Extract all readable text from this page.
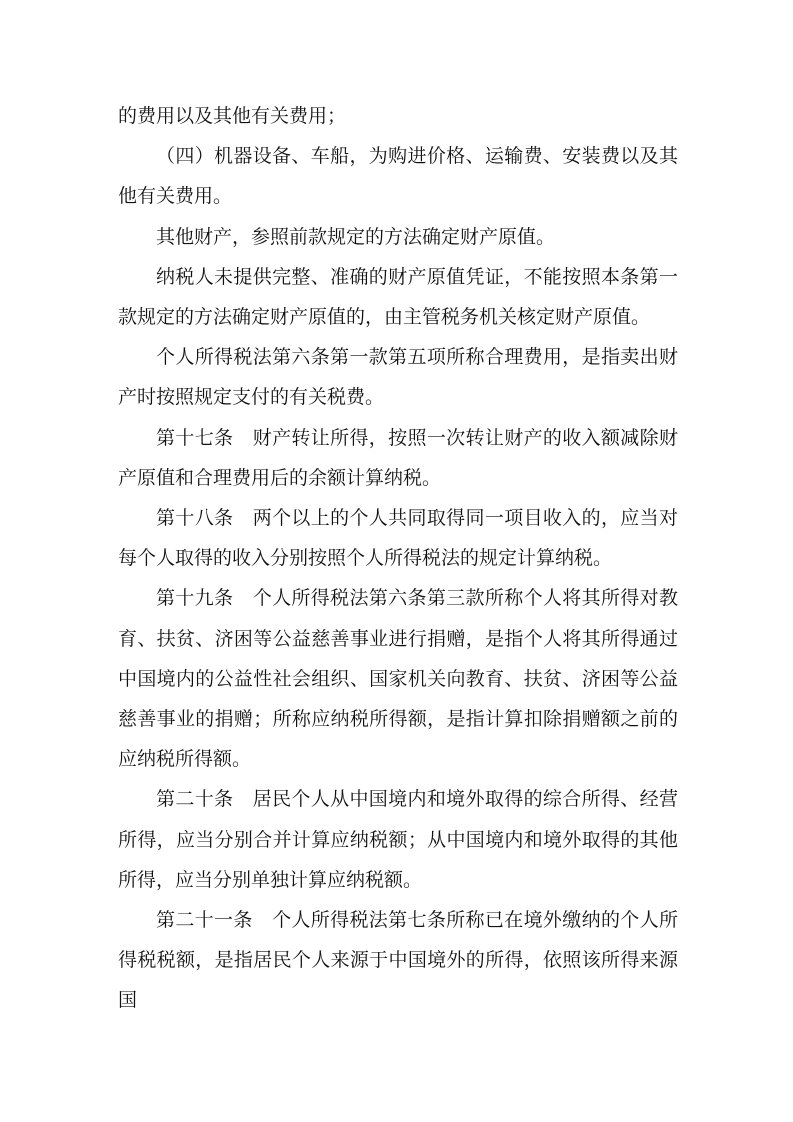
的费用以及其他有关费用；

（四）机器设备、车船，为购进价格、运输费、安装费以及其他有关费用。

其他财产，参照前款规定的方法确定财产原值。

纳税人未提供完整、准确的财产原值凭证，不能按照本条第一款规定的方法确定财产原值的，由主管税务机关核定财产原值。

个人所得税法第六条第一款第五项所称合理费用，是指卖出财产时按照规定支付的有关税费。

第十七条　财产转让所得，按照一次转让财产的收入额减除财产原值和合理费用后的余额计算纳税。

第十八条　两个以上的个人共同取得同一项目收入的，应当对每个人取得的收入分别按照个人所得税法的规定计算纳税。

第十九条　个人所得税法第六条第三款所称个人将其所得对教育、扶贫、济困等公益慈善事业进行捐赠，是指个人将其所得通过中国境内的公益性社会组织、国家机关向教育、扶贫、济困等公益慈善事业的捐赠；所称应纳税所得额，是指计算扣除捐赠额之前的应纳税所得额。

第二十条　居民个人从中国境内和境外取得的综合所得、经营所得，应当分别合并计算应纳税额；从中国境内和境外取得的其他所得，应当分别单独计算应纳税额。

第二十一条　个人所得税法第七条所称已在境外缴纳的个人所得税税额，是指居民个人来源于中国境外的所得，依照该所得来源国
